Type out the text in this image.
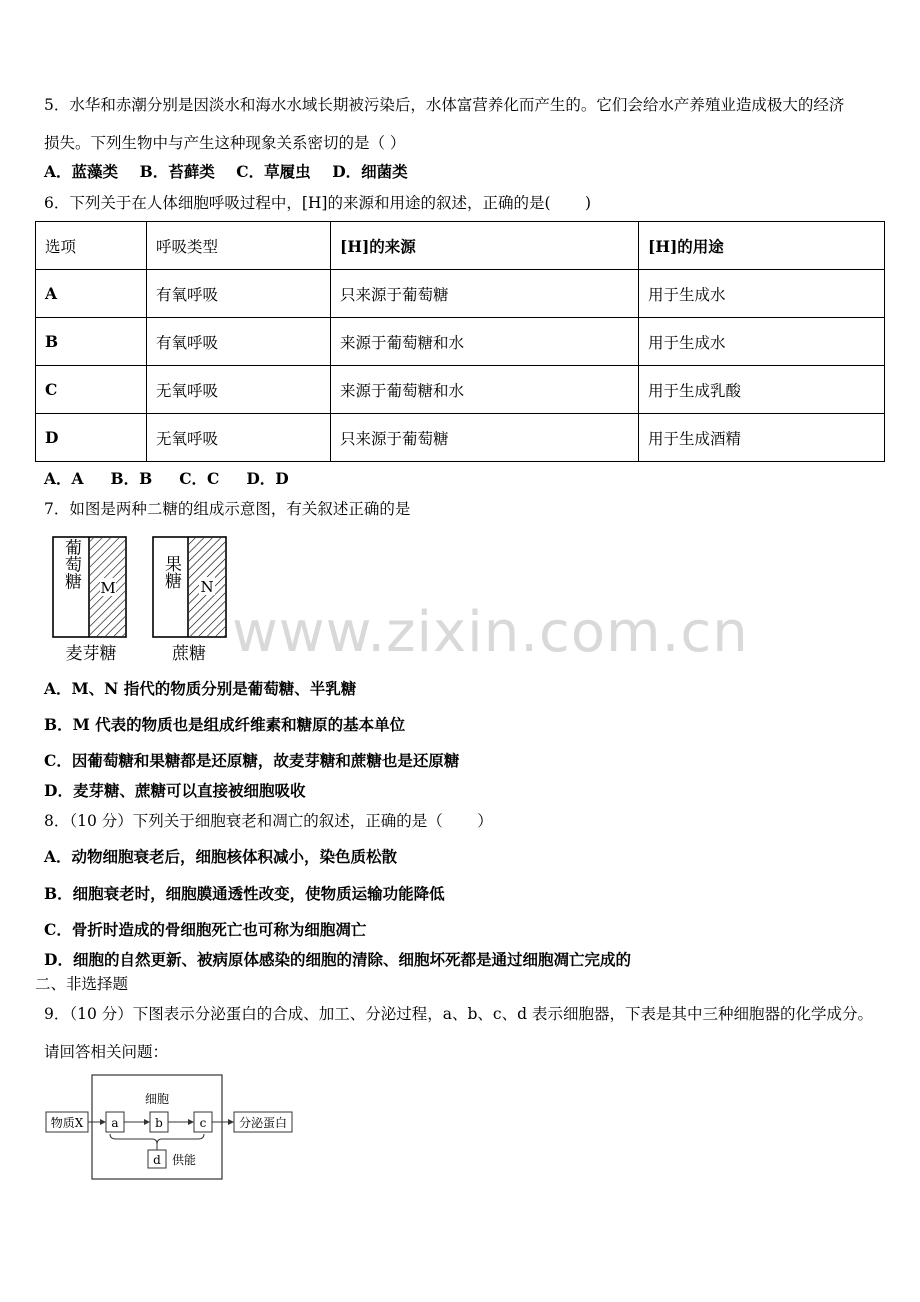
5．水华和赤潮分别是因淡水和海水水域长期被污染后，水体富营养化而产生的。它们会给水产养殖业造成极大的经济
损失。下列生物中与产生这种现象关系密切的是（ ）
A．蓝藻类    B．苔藓类    C．草履虫    D．细菌类
6．下列关于在人体细胞呼吸过程中，[H]的来源和用途的叙述，正确的是(       )
选项	呼吸类型	[H]的来源	[H]的用途
A	有氧呼吸	只来源于葡萄糖	用于生成水
B	有氧呼吸	来源于葡萄糖和水	用于生成水
C	无氧呼吸	来源于葡萄糖和水	用于生成乳酸
D	无氧呼吸	只来源于葡萄糖	用于生成酒精
A．A     B．B     C．C     D．D
7．如图是两种二糖的组成示意图，有关叙述正确的是
葡萄糖 M
麦芽糖
果糖 N
蔗糖 www.zixin.com.cn
A．M、N 指代的物质分别是葡萄糖、半乳糖
B．M 代表的物质也是组成纤维素和糖原的基本单位
C．因葡萄糖和果糖都是还原糖，故麦芽糖和蔗糖也是还原糖
D．麦芽糖、蔗糖可以直接被细胞吸收
8．（10 分）下列关于细胞衰老和凋亡的叙述，正确的是（       ）
A．动物细胞衰老后，细胞核体积减小，染色质松散
B．细胞衰老时，细胞膜通透性改变，使物质运输功能降低
C．骨折时造成的骨细胞死亡也可称为细胞凋亡
D．细胞的自然更新、被病原体感染的细胞的清除、细胞坏死都是通过细胞凋亡完成的
二、非选择题
9．（10 分）下图表示分泌蛋白的合成、加工、分泌过程，a、b、c、d 表示细胞器，下表是其中三种细胞器的化学成分。
请回答相关问题：
细胞
物质X a	b	c	分泌蛋白
d 供能
